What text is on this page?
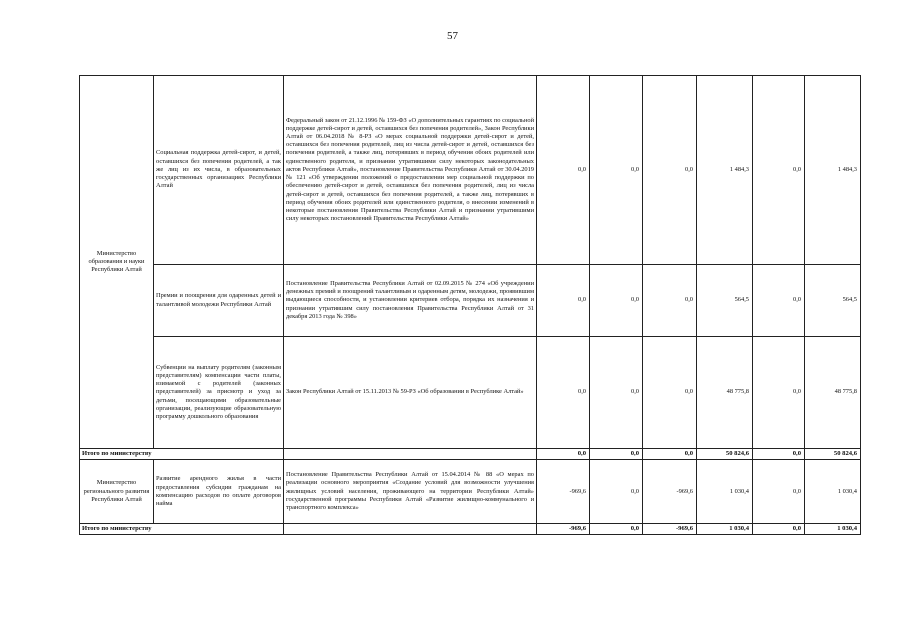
57
Министерство образования и науки Республики Алтай	Социальная поддержка детей-сирот, и детей, оставшихся без попечения родителей, а так же лиц из их числа, в образовательных государственных организациях Республики Алтай	Федеральный закон от 21.12.1996 № 159-ФЗ «О дополнительных гарантиях по социальной поддержке детей-сирот и детей, оставшихся без попечения родителей», Закон Республики Алтай от 06.04.2018 № 8-РЗ «О мерах социальной поддержки детей-сирот и детей, оставшихся без попечения родителей, лиц из числа детей-сирот и детей, оставшихся без попечения родителей, а также лиц, потерявших в период обучения обоих родителей или единственного родителя, и признании утратившими силу некоторых законодательных актов Республики Алтай», постановление Правительства Республики Алтай от 30.04.2019 № 121 «Об утверждении положений о предоставлении мер социальной поддержки по обеспечению детей-сирот и детей, оставшихся без попечения родителей, лиц из числа детей-сирот и детей, оставшихся без попечения родителей, а также лиц, потерявших в период обучения обоих родителей или единственного родителя, о внесении изменений в некоторые постановления Правительства Республики Алтай и признании утратившими силу некоторых постановлений Правительства Республики Алтай»	0,0	0,0	0,0	1 484,3	0,0	1 484,3
	Премии и поощрения для одаренных детей и талантливой молодежи Республики Алтай	Постановление Правительства Республики Алтай от 02.09.2015 № 274 «Об учреждении денежных премий и поощрений талантливым и одаренным детям, молодежи, проявившим выдающиеся способности, и установлении критериев отбора, порядка их назначения и признании утратившим силу постановления Правительства Республики Алтай от 31 декабря 2013 года № 398»	0,0	0,0	0,0	564,5	0,0	564,5
	Субвенции на выплату родителям (законным представителям) компенсации части платы, взимаемой с родителей (законных представителей) за присмотр и уход за детьми, посещающими образовательные организации, реализующие образовательную программу дошкольного образования	Закон Республики Алтай от 15.11.2013 № 59-РЗ «Об образовании в Республике Алтай»	0,0	0,0	0,0	48 775,8	0,0	48 775,8
Итого по министерству			0,0	0,0	0,0	50 824,6	0,0	50 824,6
Министерство регионального развития Республики Алтай	Развитие арендного жилья в части предоставления субсидии гражданам на компенсацию расходов по оплате договоров найма	Постановление Правительства Республики Алтай от 15.04.2014 № 88 «О мерах по реализации основного мероприятия «Создание условий для возможности улучшения жилищных условий населения, проживающего на территории Республики Алтай» государственной программы Республики Алтай «Развитие жилищно-коммунального и транспортного комплекса»	-969,6	0,0	-969,6	1 030,4	0,0	1 030,4
Итого по министерству			-969,6	0,0	-969,6	1 030,4	0,0	1 030,4
